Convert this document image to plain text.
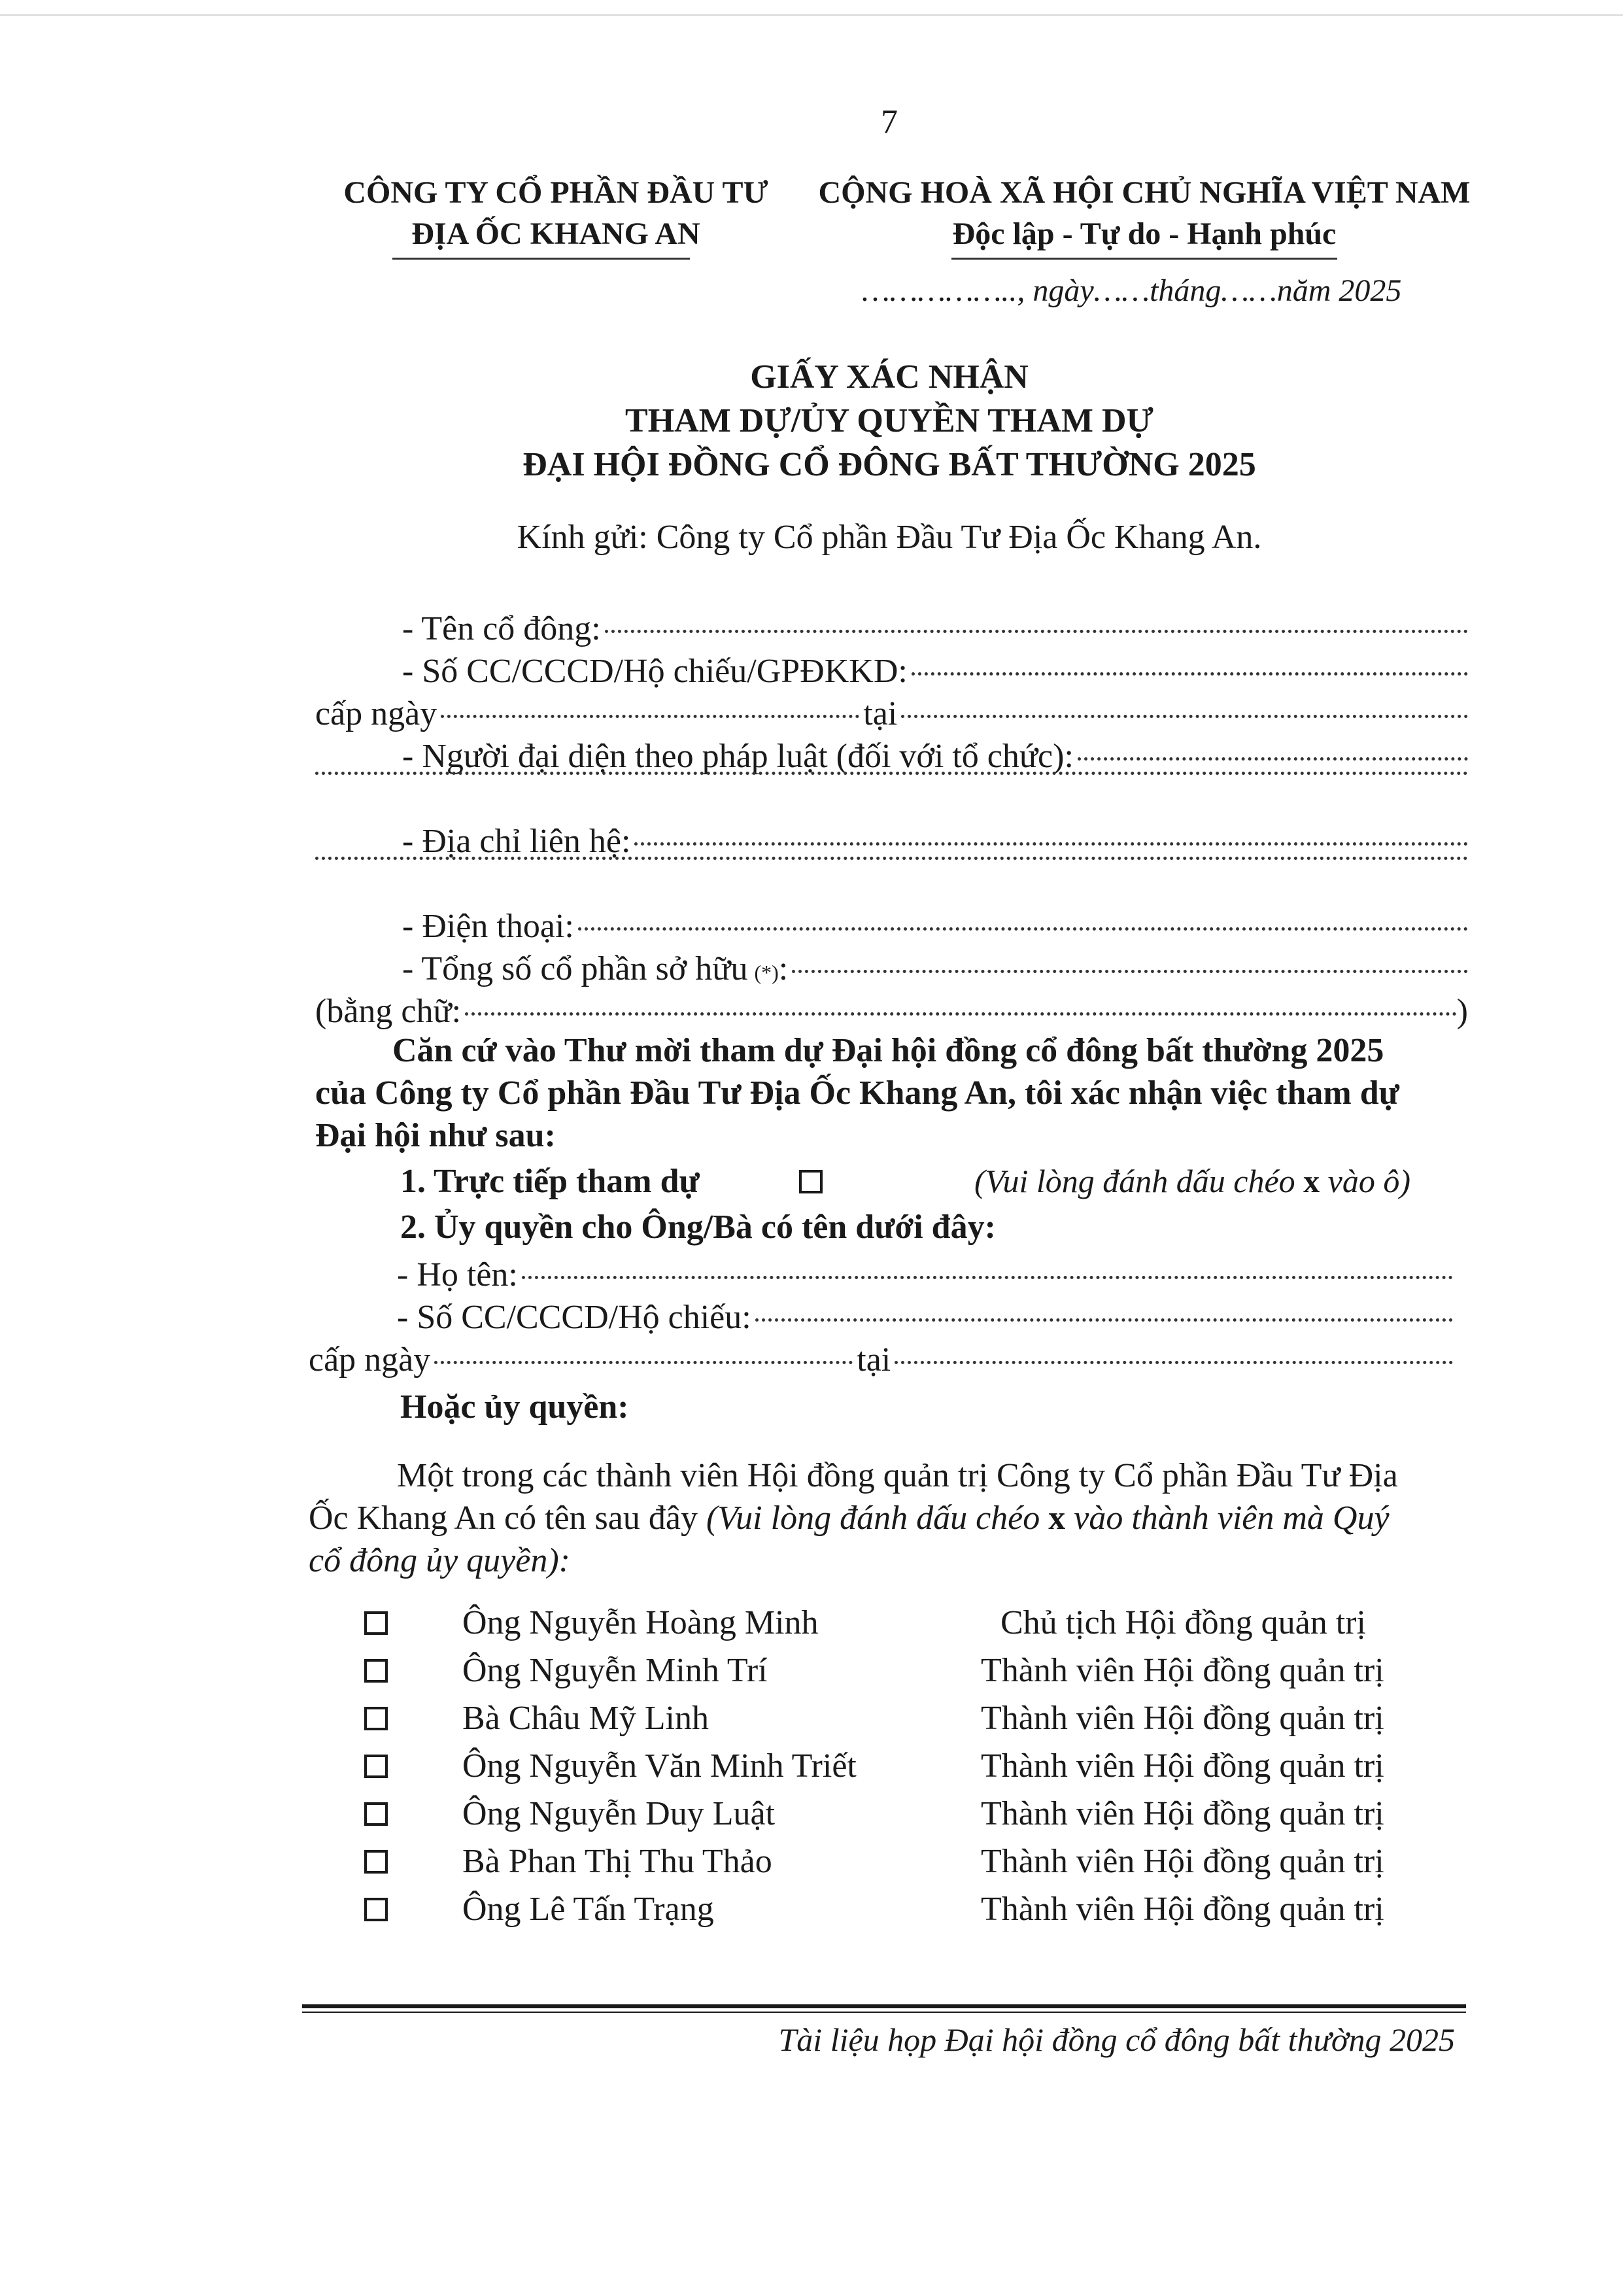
7
CÔNG TY CỔ PHẦN ĐẦU TƯ
ĐỊA ỐC KHANG AN
CỘNG HOÀ XÃ HỘI CHỦ NGHĨA VIỆT NAM
Độc lập - Tự do - Hạnh phúc
…………….., ngày……tháng……năm 2025
GIẤY XÁC NHẬN
THAM DỰ/ỦY QUYỀN THAM DỰ
ĐẠI HỘI ĐỒNG CỔ ĐÔNG BẤT THƯỜNG 2025
Kính gửi: Công ty Cổ phần Đầu Tư Địa Ốc Khang An.
- Tên cổ đông:
- Số CC/CCCD/Hộ chiếu/GPĐKKD:
cấp ngày	tại
- Người đại diện theo pháp luật (đối với tổ chức):
- Địa chỉ liên hệ:
- Điện thoại:
- Tổng số cổ phần sở hữu (*) :
(bằng chữ:	)
Căn cứ vào Thư mời tham dự Đại hội đồng cổ đông bất thường 2025
của Công ty Cổ phần Đầu Tư Địa Ốc Khang An, tôi xác nhận việc tham dự
Đại hội như sau:
1. Trực tiếp tham dự	(Vui lòng đánh dấu chéo x vào ô)
2. Ủy quyền cho Ông/Bà có tên dưới đây:
- Họ tên:
- Số CC/CCCD/Hộ chiếu:
cấp ngày	tại
Hoặc ủy quyền:
Một trong các thành viên Hội đồng quản trị Công ty Cổ phần Đầu Tư Địa
Ốc Khang An có tên sau đây (Vui lòng đánh dấu chéo x vào thành viên mà Quý
cổ đông ủy quyền):
Ông Nguyễn Hoàng Minh	Chủ tịch Hội đồng quản trị
Ông Nguyễn Minh Trí	Thành viên Hội đồng quản trị
Bà Châu Mỹ Linh	Thành viên Hội đồng quản trị
Ông Nguyễn Văn Minh Triết	Thành viên Hội đồng quản trị
Ông Nguyễn Duy Luật	Thành viên Hội đồng quản trị
Bà Phan Thị Thu Thảo	Thành viên Hội đồng quản trị
Ông Lê Tấn Trạng	Thành viên Hội đồng quản trị
Tài liệu họp Đại hội đồng cổ đông bất thường 2025
